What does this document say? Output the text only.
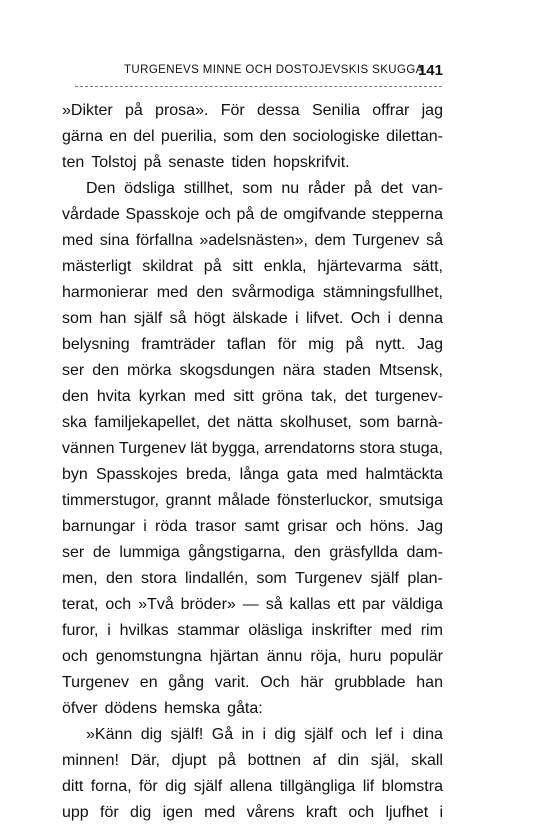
TURGENEVS MINNE OCH DOSTOJEVSKIS SKUGGA
141
»Dikter på prosa». För dessa Senilia offrar jag
gärna en del puerilia, som den sociologiske dilettan-
ten Tolstoj på senaste tiden hopskrifvit.
Den ödsliga stillhet, som nu råder på det van-
vårdade Spasskoje och på de omgifvande stepperna
med sina förfallna »adelsnästen», dem Turgenev så
mästerligt skildrat på sitt enkla, hjärtevarma sätt,
harmonierar med den svårmodiga stämningsfullhet,
som han själf så högt älskade i lifvet. Och i denna
belysning framträder taflan för mig på nytt. Jag
ser den mörka skogsdungen nära staden Mtsensk,
den hvita kyrkan med sitt gröna tak, det turgenev-
ska familjekapellet, det nätta skolhuset, som barnà-
vännen Turgenev lät bygga, arrendatorns stora stuga,
byn Spasskojes breda, långa gata med halmtäckta
timmerstugor, grannt målade fönsterluckor, smutsiga
barnungar i röda trasor samt grisar och höns. Jag
ser de lummiga gångstigarna, den gräsfyllda dam-
men, den stora lindallén, som Turgenev själf plan-
terat, och »Två bröder» — så kallas ett par väldiga
furor, i hvilkas stammar oläsliga inskrifter med rim
och genomstungna hjärtan ännu röja, huru populär
Turgenev en gång varit. Och här grubblade han
öfver dödens hemska gåta:
»Känn dig själf! Gå in i dig själf och lef i dina
minnen! Där, djupt på bottnen af din själ, skall
ditt forna, för dig själf allena tillgängliga lif blomstra
upp för dig igen med vårens kraft och ljufhet i
